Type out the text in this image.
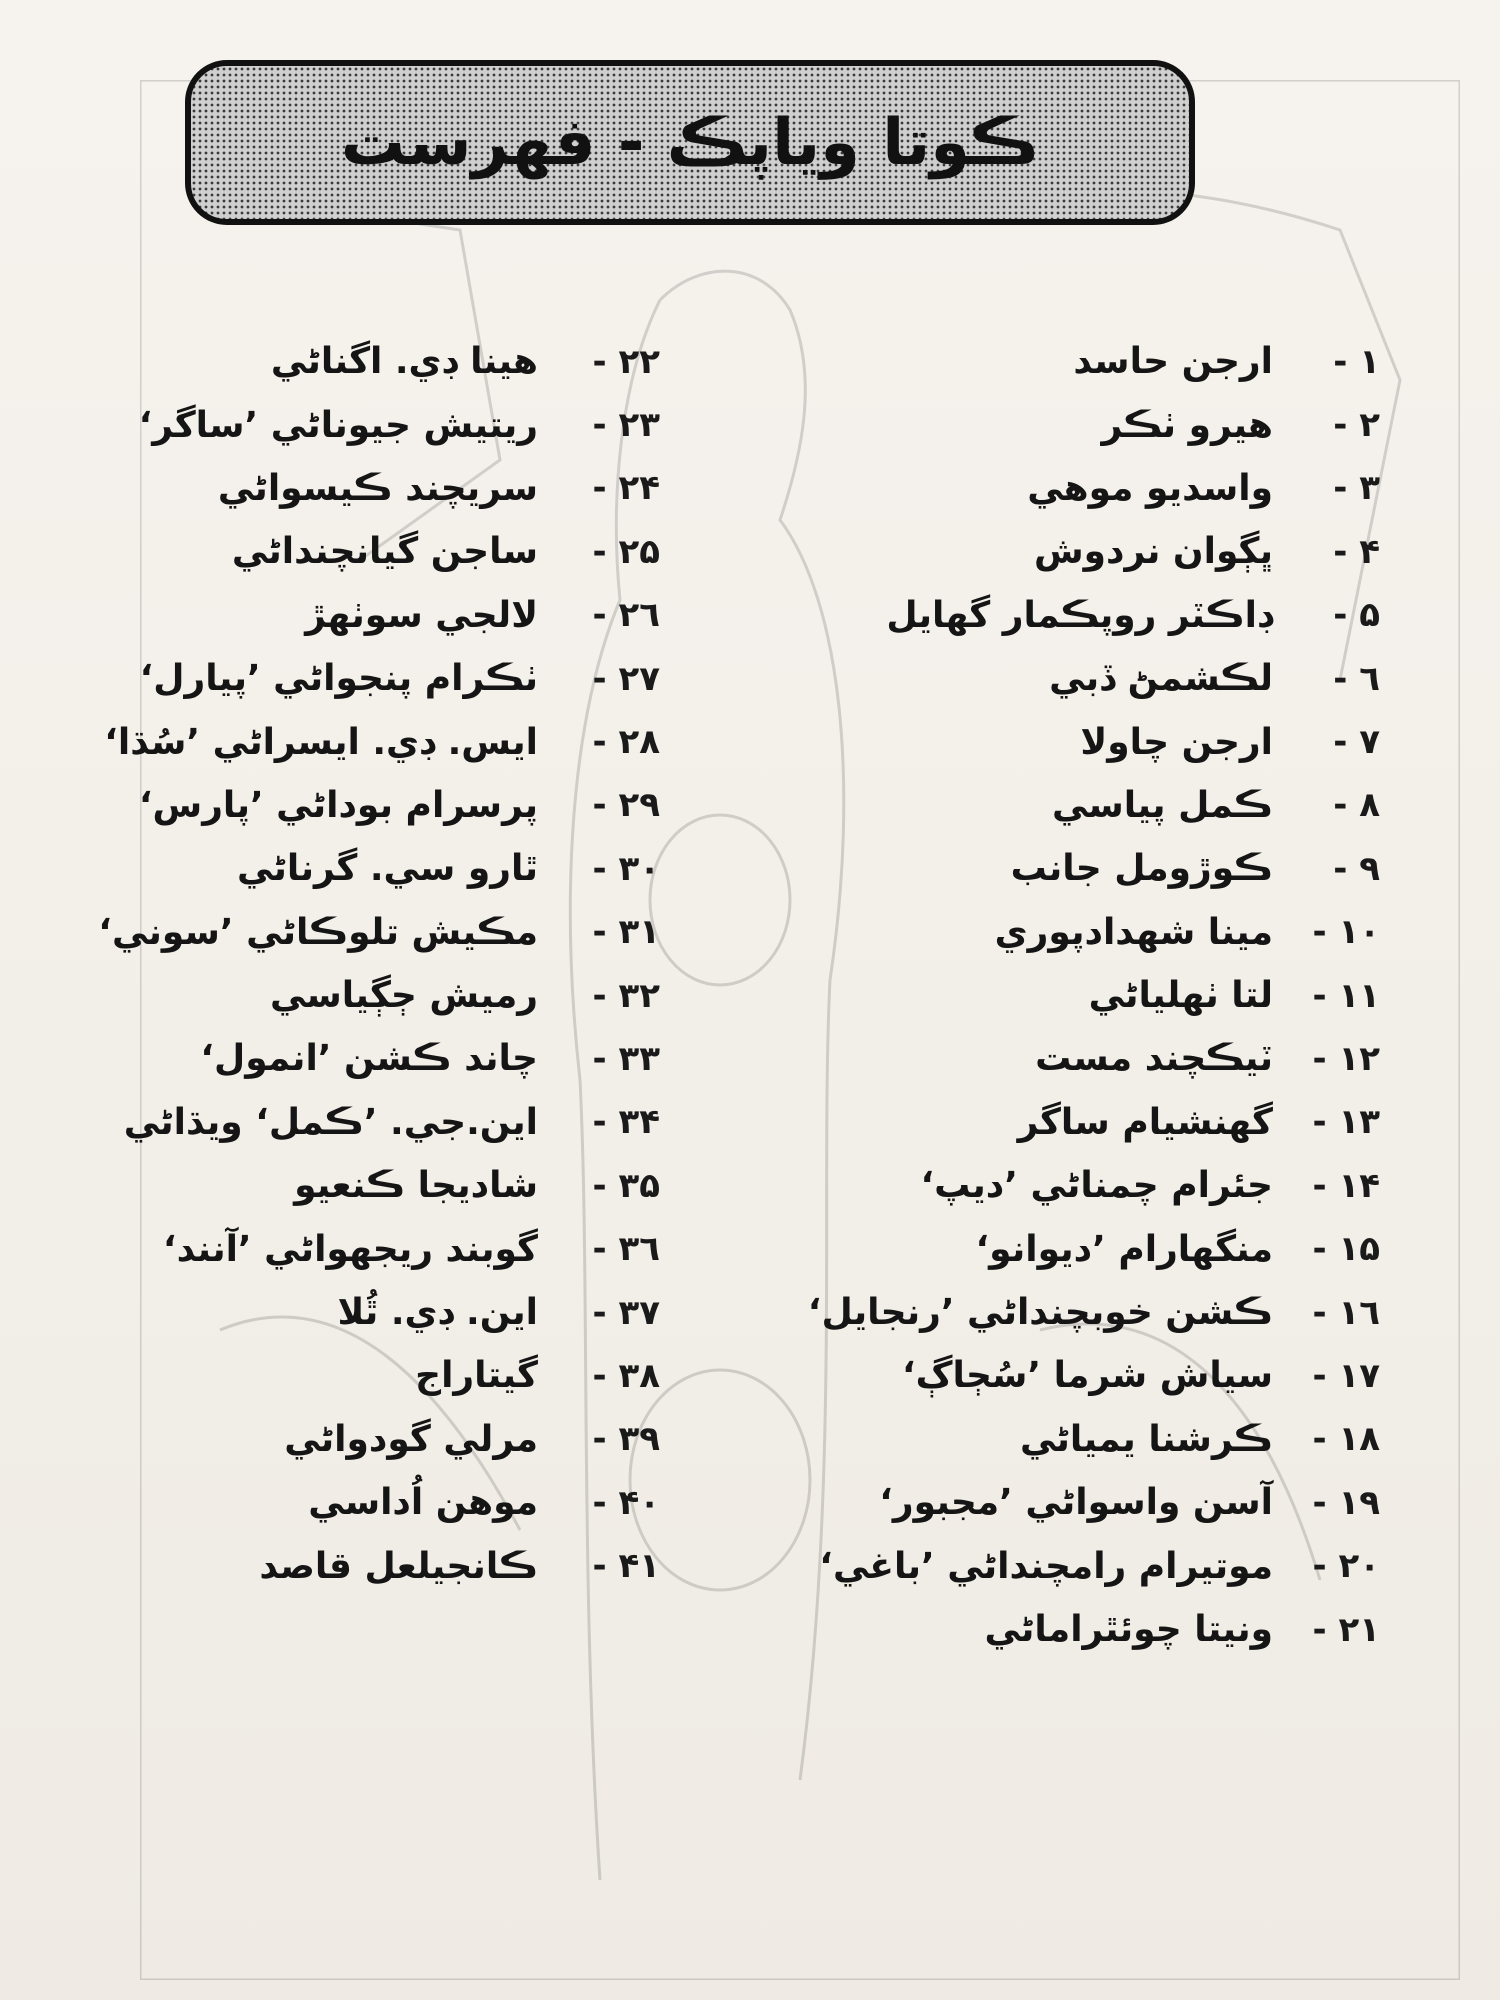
ڪوتا وياپڪ - فهرست
١ -
ارجن حاسد
٢ -
هيرو ٺڪر
٣ -
واسديو موهي
۴ -
ڀڳوان نردوش
۵ -
ڊاڪٽر روپڪمار گهايل
٦ -
لڪشمڻ ڏبي
٧ -
ارجن چاولا
٨ -
ڪمل پياسي
٩ -
ڪوڙومل جانب
١٠ -
مينا شهدادپوري
١١ -
لتا ٺهلياڻي
١٢ -
ٽيڪچند مست
١٣ -
گهنشيام ساگر
١۴ -
جئرام چمناڻي ’ديپ‘
١۵ -
منگهارام ’ديوانو‘
١٦ -
ڪشن خوبچنداڻي ’رنجايل‘
١٧ -
سياش شرما ’سُڄاڳ‘
١٨ -
ڪرشنا يمياڻي
١٩ -
آسن واسواڻي ’مجبور‘
٢٠ -
موتيرام رامچنداڻي ’باغي‘
٢١ -
ونيتا چوئٿراماڻي
٢٢ -
هينا ڊي. اگناڻي
٢٣ -
ريتيش جيوناڻي ’ساگر‘
٢۴ -
سريچند ڪيسواڻي
٢۵ -
ساجن گيانچنداڻي
٢٦ -
لالجي سوٺهڙ
٢٧ -
ٺڪرام پنجواڻي ’پيارل‘
٢٨ -
ايس. ڊي. ايسراڻي ’سُڌا‘
٢٩ -
پرسرام بوداڻي ’پارس‘
٣٠ -
ٿارو سي. گرناڻي
٣١ -
مڪيش تلوڪاڻي ’سوني‘
٣٢ -
رميش ڄڳياسي
٣٣ -
چاند ڪشن ’انمول‘
٣۴ -
اين.جي. ’ڪمل‘ ويڌاڻي
٣۵ -
شاديجا ڪنعيو
٣٦ -
گوبند ريجهواڻي ’آنند‘
٣٧ -
اين. ڊي. ٿُلا
٣٨ -
گيتاراج
٣٩ -
مرلي گودواڻي
۴٠ -
موهن اُداسي
۴١ -
ڪانجيلعل قاصد
